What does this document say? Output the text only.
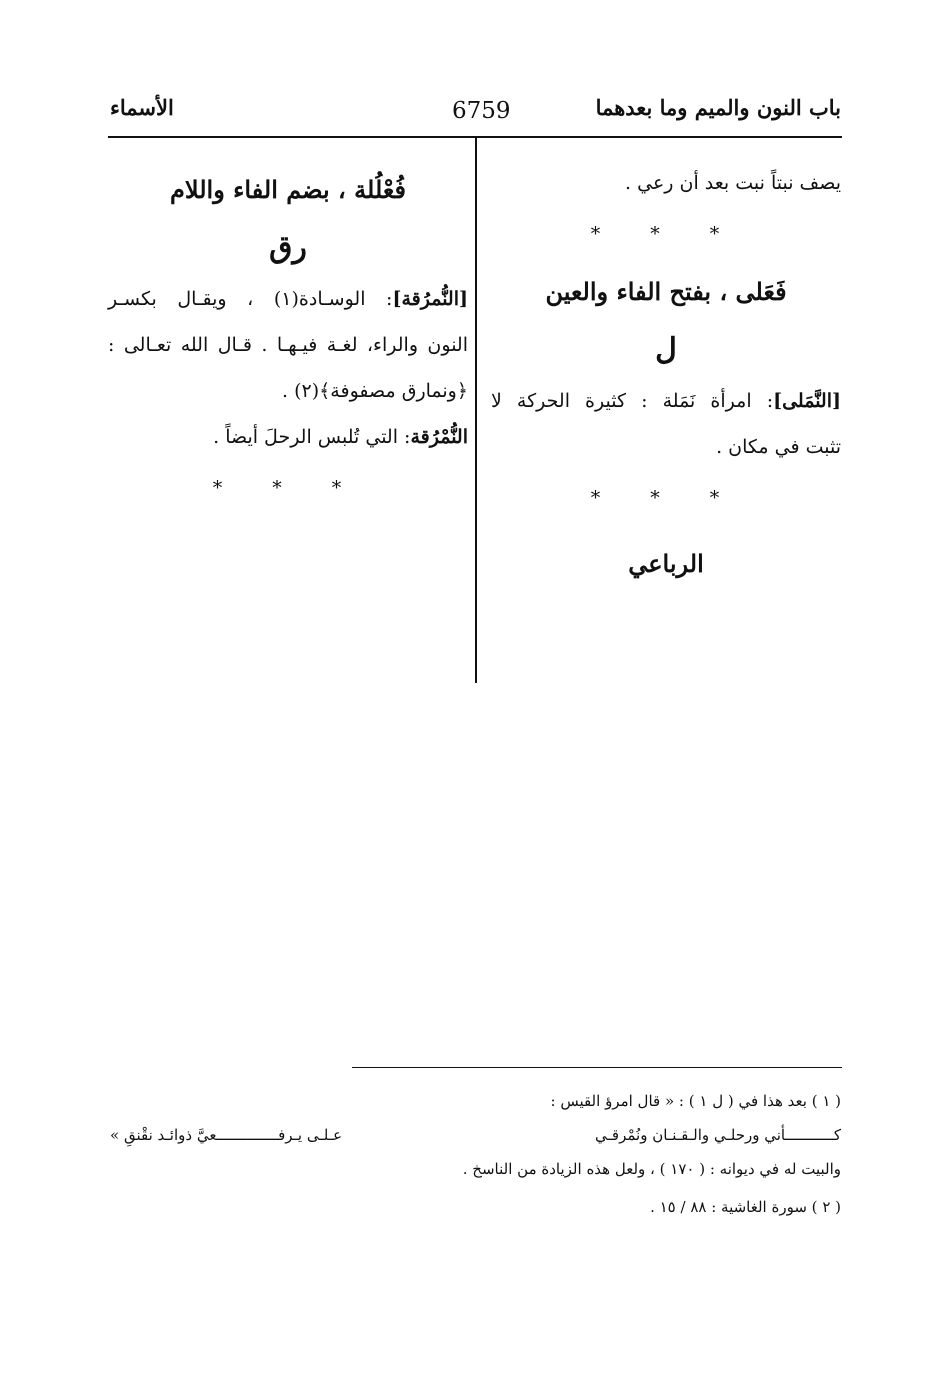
باب النون والميم وما بعدهما
6759
الأسماء
يصف نبتاً نبت بعد أن رعي .
* * *
فَعَلى ، بفتح الفاء والعين
ل
[النَّمَلى]: امرأة نَمَلة : كثيرة الحركة لا
تثبت في مكان .
* * *
الرباعي
فُعْلُلة ، بضم الفاء واللام
رق
[النُّمرُقة]: الوسـادة(١) ، ويقـال بكسـر
النون والراء، لغـة فيـهـا . قـال الله تعـالى :
﴿ونمارق مصفوفة﴾(٢) .
النُّمْرُقة: التي تُلبس الرحلَ أيضاً .
* * *
( ١ ) بعد هذا في ( ل ١ ) : « قال امرؤ القيس :
كـــــــــــأني ورحلـي والـقـنـان ونُمْرقـي
عـلـى يـرفــــــــــــــعيَّ ذوائـد نقْنقِ »
والبيت له في ديوانه : ( ١٧٠ ) ، ولعل هذه الزيادة من الناسخ .
( ٢ ) سورة الغاشية : ٨٨ / ١٥ .
